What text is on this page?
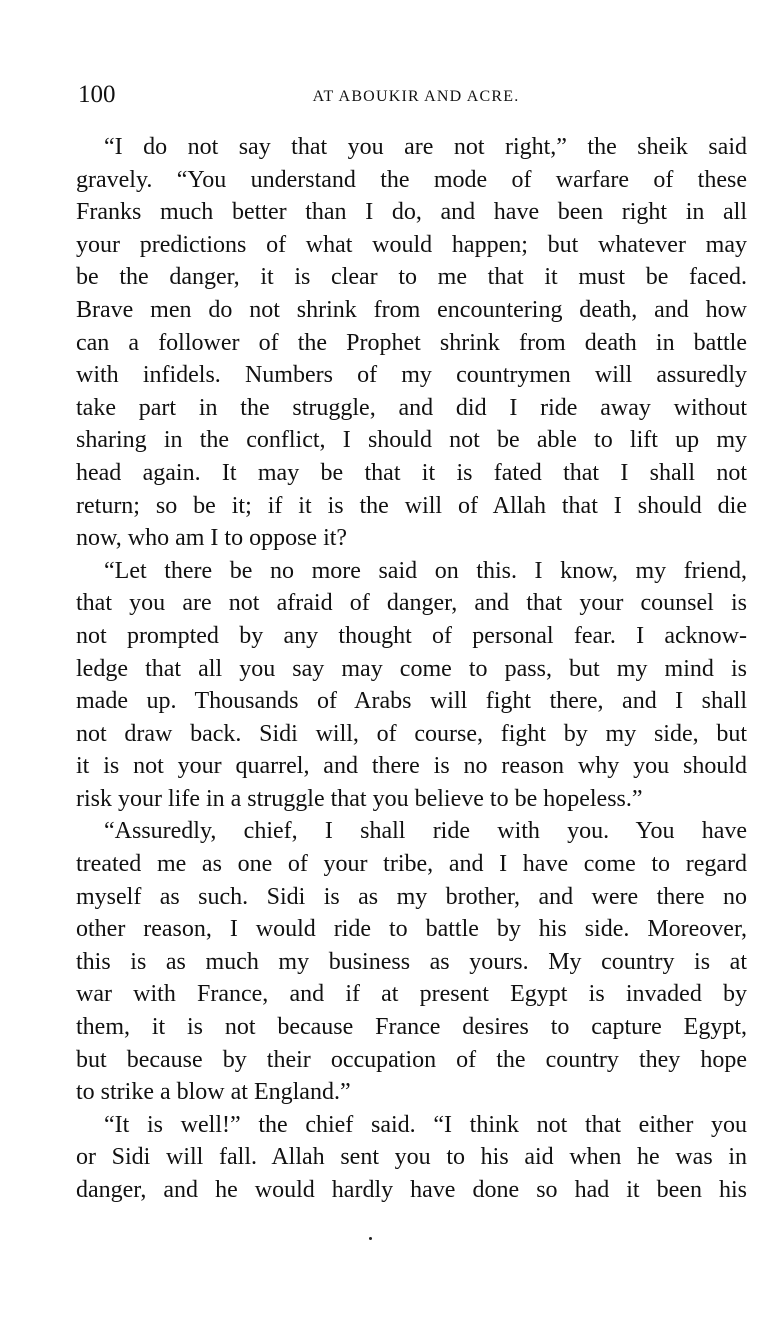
100	AT ABOUKIR AND ACRE.
“I do not say that you are not right,” the sheik said
gravely. “You understand the mode of warfare of these
Franks much better than I do, and have been right in all
your predictions of what would happen; but whatever may
be the danger, it is clear to me that it must be faced.
Brave men do not shrink from encountering death, and how
can a follower of the Prophet shrink from death in battle
with infidels. Numbers of my countrymen will assuredly
take part in the struggle, and did I ride away without
sharing in the conflict, I should not be able to lift up my
head again. It may be that it is fated that I shall not
return; so be it; if it is the will of Allah that I should die
now, who am I to oppose it?
“Let there be no more said on this. I know, my friend,
that you are not afraid of danger, and that your counsel is
not prompted by any thought of personal fear. I acknow-
ledge that all you say may come to pass, but my mind is
made up. Thousands of Arabs will fight there, and I shall
not draw back. Sidi will, of course, fight by my side, but
it is not your quarrel, and there is no reason why you should
risk your life in a struggle that you believe to be hopeless.”
“Assuredly, chief, I shall ride with you. You have
treated me as one of your tribe, and I have come to regard
myself as such. Sidi is as my brother, and were there no
other reason, I would ride to battle by his side. Moreover,
this is as much my business as yours. My country is at
war with France, and if at present Egypt is invaded by
them, it is not because France desires to capture Egypt,
but because by their occupation of the country they hope
to strike a blow at England.”
“It is well!” the chief said. “I think not that either you
or Sidi will fall. Allah sent you to his aid when he was in
danger, and he would hardly have done so had it been his
